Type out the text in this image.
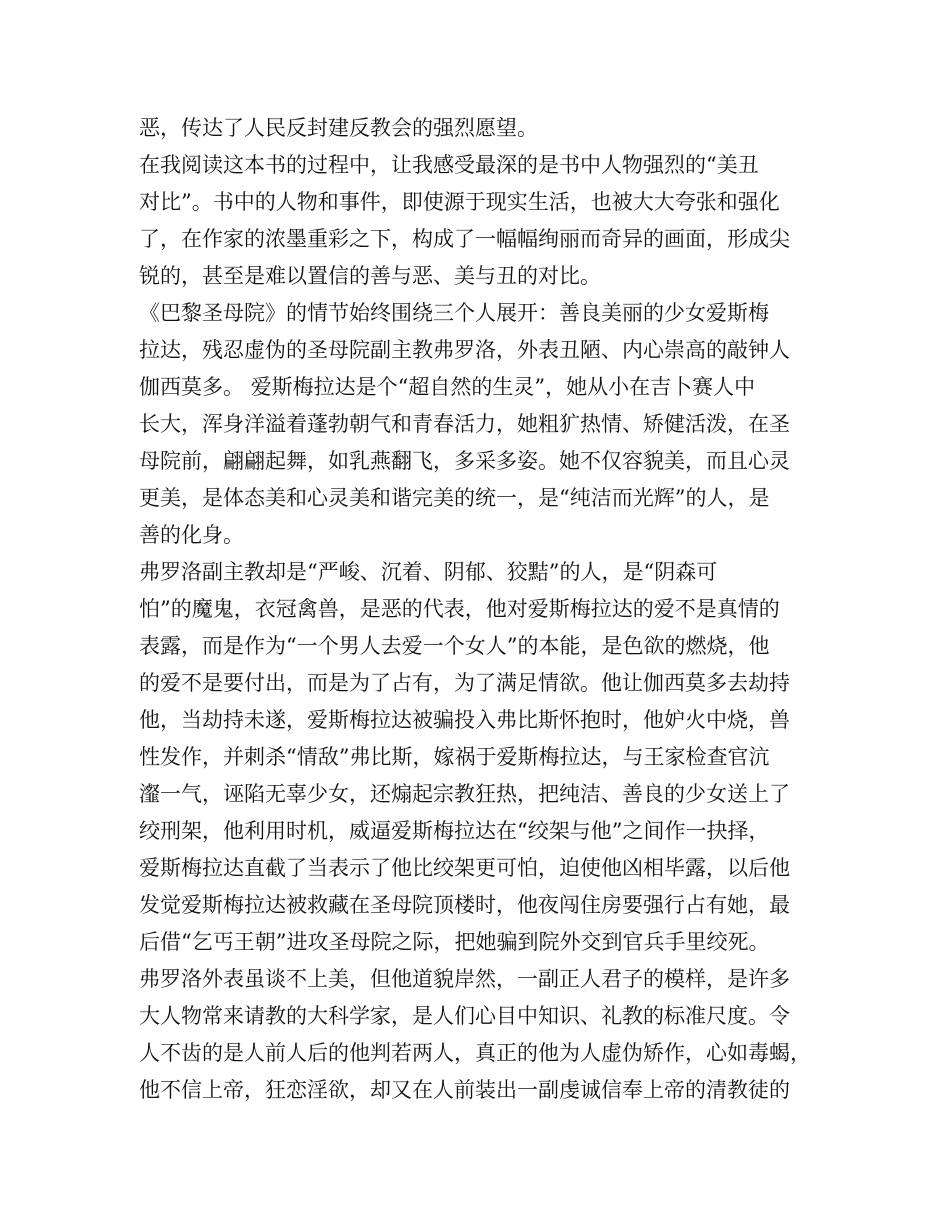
恶，传达了人民反封建反教会的强烈愿望。
在我阅读这本书的过程中，让我感受最深的是书中人物强烈的“美丑
对比”。书中的人物和事件，即使源于现实生活，也被大大夸张和强化
了，在作家的浓墨重彩之下，构成了一幅幅绚丽而奇异的画面，形成尖
锐的，甚至是难以置信的善与恶、美与丑的对比。
《巴黎圣母院》的情节始终围绕三个人展开：善良美丽的少女爱斯梅
拉达，残忍虚伪的圣母院副主教弗罗洛，外表丑陋、内心崇高的敲钟人
伽西莫多。 爱斯梅拉达是个“超自然的生灵”，她从小在吉卜赛人中
长大，浑身洋溢着蓬勃朝气和青春活力，她粗犷热情、矫健活泼，在圣
母院前，翩翩起舞，如乳燕翻飞，多采多姿。她不仅容貌美，而且心灵
更美，是体态美和心灵美和谐完美的统一，是“纯洁而光辉”的人，是
善的化身。
弗罗洛副主教却是“严峻、沉着、阴郁、狡黠”的人，是“阴森可
怕”的魔鬼，衣冠禽兽，是恶的代表，他对爱斯梅拉达的爱不是真情的
表露，而是作为“一个男人去爱一个女人”的本能，是色欲的燃烧，他
的爱不是要付出，而是为了占有，为了满足情欲。他让伽西莫多去劫持
他，当劫持未遂，爱斯梅拉达被骗投入弗比斯怀抱时，他妒火中烧，兽
性发作，并刺杀“情敌”弗比斯，嫁祸于爱斯梅拉达，与王家检查官沆
瀣一气，诬陷无辜少女，还煽起宗教狂热，把纯洁、善良的少女送上了
绞刑架，他利用时机，威逼爱斯梅拉达在“绞架与他”之间作一抉择，
爱斯梅拉达直截了当表示了他比绞架更可怕，迫使他凶相毕露，以后他
发觉爱斯梅拉达被救藏在圣母院顶楼时，他夜闯住房要强行占有她，最
后借“乞丐王朝”进攻圣母院之际，把她骗到院外交到官兵手里绞死。
弗罗洛外表虽谈不上美，但他道貌岸然，一副正人君子的模样，是许多
大人物常来请教的大科学家，是人们心目中知识、礼教的标准尺度。令
人不齿的是人前人后的他判若两人，真正的他为人虚伪矫作，心如毒蝎，
他不信上帝，狂恋淫欲，却又在人前装出一副虔诚信奉上帝的清教徒的
